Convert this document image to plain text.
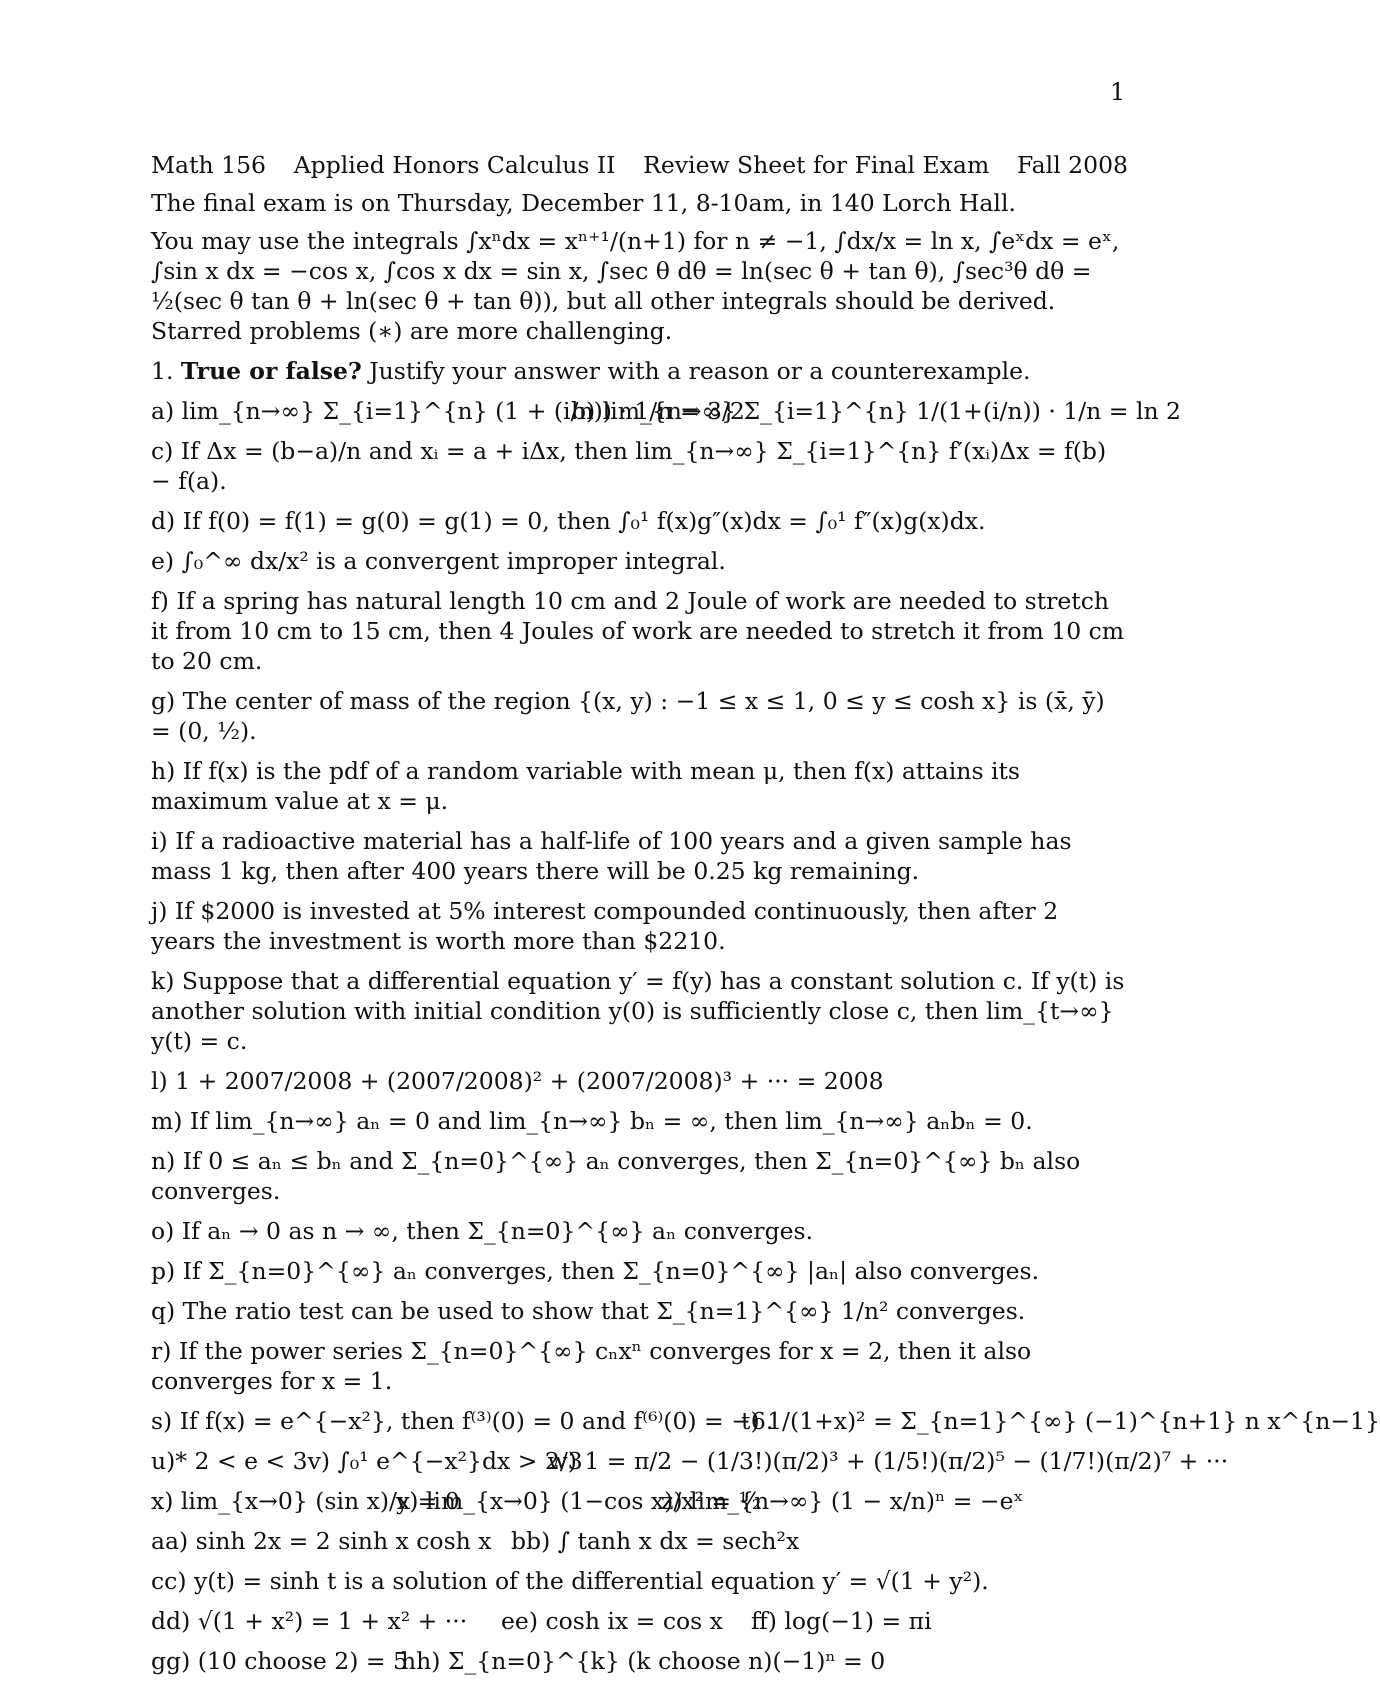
1
Math 156 Applied Honors Calculus II Review Sheet for Final Exam Fall 2008
The final exam is on Thursday, December 11, 8-10am, in 140 Lorch Hall.
You may use the integrals ∫xⁿdx = xⁿ⁺¹/(n+1) for n ≠ −1, ∫dx/x = ln x, ∫eˣdx = eˣ, ∫sin x dx = −cos x, ∫cos x dx = sin x, ∫sec θ dθ = ln(sec θ + tan θ), ∫sec³θ dθ = ½(sec θ tan θ + ln(sec θ + tan θ)), but all other integrals should be derived. Starred problems (∗) are more challenging.
1. True or false? Justify your answer with a reason or a counterexample.
a) lim_{n→∞} Σ_{i=1}^{n} (1 + (i/n)) · 1/n = 3/2
b) lim_{n→∞} Σ_{i=1}^{n} 1/(1+(i/n)) · 1/n = ln 2
c) If Δx = (b−a)/n and xᵢ = a + iΔx, then lim_{n→∞} Σ_{i=1}^{n} f′(xᵢ)Δx = f(b) − f(a).
d) If f(0) = f(1) = g(0) = g(1) = 0, then ∫₀¹ f(x)g″(x)dx = ∫₀¹ f″(x)g(x)dx.
e) ∫₀^∞ dx/x² is a convergent improper integral.
f) If a spring has natural length 10 cm and 2 Joule of work are needed to stretch it from 10 cm to 15 cm, then 4 Joules of work are needed to stretch it from 10 cm to 20 cm.
g) The center of mass of the region {(x, y) : −1 ≤ x ≤ 1, 0 ≤ y ≤ cosh x} is (x̄, ȳ) = (0, ½).
h) If f(x) is the pdf of a random variable with mean μ, then f(x) attains its maximum value at x = μ.
i) If a radioactive material has a half-life of 100 years and a given sample has mass 1 kg, then after 400 years there will be 0.25 kg remaining.
j) If $2000 is invested at 5% interest compounded continuously, then after 2 years the investment is worth more than $2210.
k) Suppose that a differential equation y′ = f(y) has a constant solution c. If y(t) is another solution with initial condition y(0) is sufficiently close c, then lim_{t→∞} y(t) = c.
l) 1 + 2007/2008 + (2007/2008)² + (2007/2008)³ + ··· = 2008
m) If lim_{n→∞} aₙ = 0 and lim_{n→∞} bₙ = ∞, then lim_{n→∞} aₙbₙ = 0.
n) If 0 ≤ aₙ ≤ bₙ and Σ_{n=0}^{∞} aₙ converges, then Σ_{n=0}^{∞} bₙ also converges.
o) If aₙ → 0 as n → ∞, then Σ_{n=0}^{∞} aₙ converges.
p) If Σ_{n=0}^{∞} aₙ converges, then Σ_{n=0}^{∞} |aₙ| also converges.
q) The ratio test can be used to show that Σ_{n=1}^{∞} 1/n² converges.
r) If the power series Σ_{n=0}^{∞} cₙxⁿ converges for x = 2, then it also converges for x = 1.
s) If f(x) = e^{−x²}, then f⁽³⁾(0) = 0 and f⁽⁶⁾(0) = −6.
t) 1/(1+x)² = Σ_{n=1}^{∞} (−1)^{n+1} n x^{n−1}
u)* 2 < e < 3 v) ∫₀¹ e^{−x²}dx > 2/3
w) 1 = π/2 − (1/3!)(π/2)³ + (1/5!)(π/2)⁵ − (1/7!)(π/2)⁷ + ···
x) lim_{x→0} (sin x)/x = 0
y) lim_{x→0} (1−cos x)/x² = ½
z) lim_{n→∞} (1 − x/n)ⁿ = −eˣ
aa) sinh 2x = 2 sinh x cosh x bb) ∫ tanh x dx = sech²x
cc) y(t) = sinh t is a solution of the differential equation y′ = √(1 + y²).
dd) √(1 + x²) = 1 + x² + ···	ee) cosh ix = cos x	ff) log(−1) = πi
gg) (10 choose 2) = 5
hh) Σ_{n=0}^{k} (k choose n)(−1)ⁿ = 0
